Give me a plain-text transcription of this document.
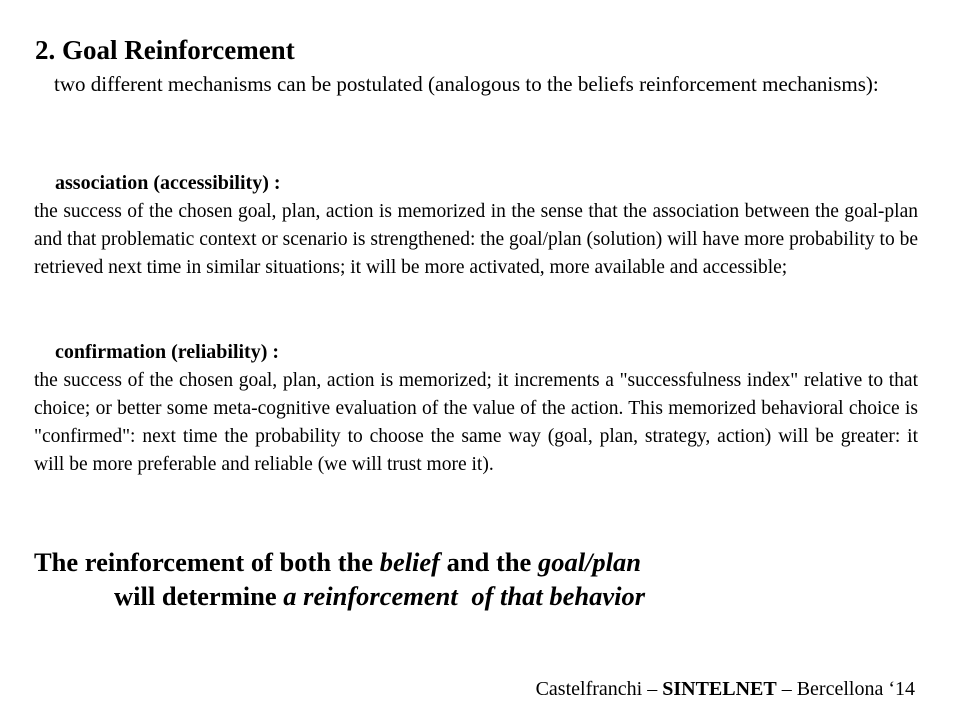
2. Goal Reinforcement

two different mechanisms can be postulated (analogous to the beliefs reinforcement mechanisms):

association (accessibility) :

the success of the chosen goal, plan, action is memorized in the sense that the association between the goal-plan and that problematic context or scenario is strengthened: the goal/plan (solution) will have more probability to be retrieved next time in similar situations; it will be more activated, more available and accessible;

confirmation (reliability) :

the success of the chosen goal, plan, action is memorized; it increments a "successfulness index" relative to that choice; or better some meta-cognitive evaluation of the value of the action. This memorized behavioral choice is "confirmed": next time the probability to choose the same way (goal, plan, strategy, action) will be greater: it will be more preferable and reliable (we will trust more it).

The reinforcement of both the belief and the goal/plan

will determine a reinforcement of that behavior

Castelfranchi – SINTELNET – Bercellona ‘14
